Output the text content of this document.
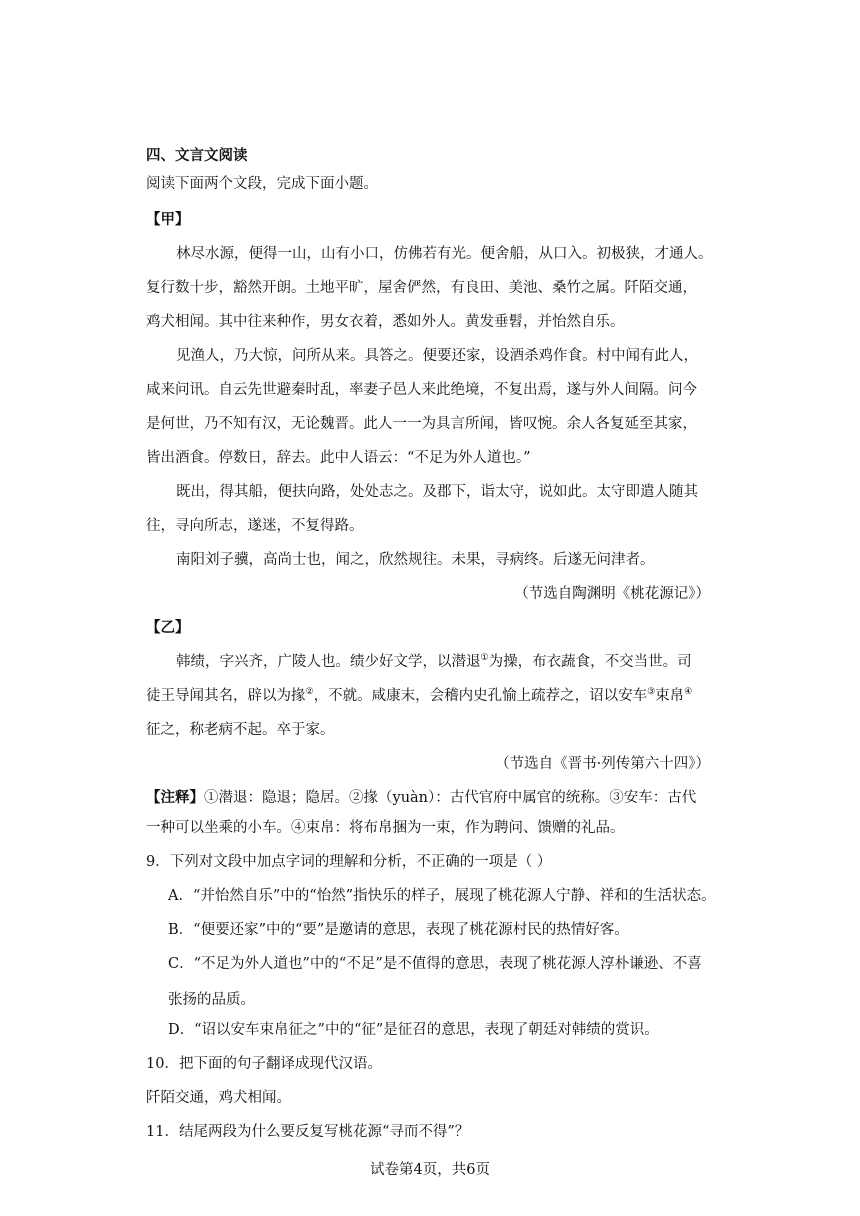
四、文言文阅读
阅读下面两个文段，完成下面小题。
【甲】
林尽水源，便得一山，山有小口，仿佛若有光。便舍船，从口入。初极狭，才通人。
复行数十步，豁然开朗。土地平旷，屋舍俨然，有良田、美池、桑竹之属。阡陌交通，
鸡犬相闻。其中往来种作，男女衣着，悉如外人。黄发垂髫，并怡然自乐。
见渔人，乃大惊，问所从来。具答之。便要还家，设酒杀鸡作食。村中闻有此人，
咸来问讯。自云先世避秦时乱，率妻子邑人来此绝境，不复出焉，遂与外人间隔。问今
是何世，乃不知有汉，无论魏晋。此人一一为具言所闻，皆叹惋。余人各复延至其家，
皆出酒食。停数日，辞去。此中人语云：“不足为外人道也。”
既出，得其船，便扶向路，处处志之。及郡下，诣太守，说如此。太守即遣人随其
往，寻向所志，遂迷，不复得路。
南阳刘子骥，高尚士也，闻之，欣然规往。未果，寻病终。后遂无问津者。
（节选自陶渊明《桃花源记》）
【乙】
韩绩，字兴齐，广陵人也。绩少好文学，以潜退①为操，布衣蔬食，不交当世。司
徒王导闻其名，辟以为掾②，不就。咸康末，会稽内史孔愉上疏荐之，诏以安车③束帛④
征之，称老病不起。卒于家。
（节选自《晋书·列传第六十四》）
【注释】①潜退：隐退；隐居。②掾（yuàn）：古代官府中属官的统称。③安车：古代
一种可以坐乘的小车。④束帛：将布帛捆为一束，作为聘问、馈赠的礼品。
9．下列对文段中加点字词的理解和分析，不正确的一项是（ ）
A．“并怡然自乐”中的“怡然”指快乐的样子，展现了桃花源人宁静、祥和的生活状态。
B．“便要还家”中的“要”是邀请的意思，表现了桃花源村民的热情好客。
C．“不足为外人道也”中的“不足”是不值得的意思，表现了桃花源人淳朴谦逊、不喜
张扬的品质。
D．“诏以安车束帛征之”中的“征”是征召的意思，表现了朝廷对韩绩的赏识。
10．把下面的句子翻译成现代汉语。
阡陌交通，鸡犬相闻。
11．结尾两段为什么要反复写桃花源“寻而不得”？
试卷第4页，共6页
